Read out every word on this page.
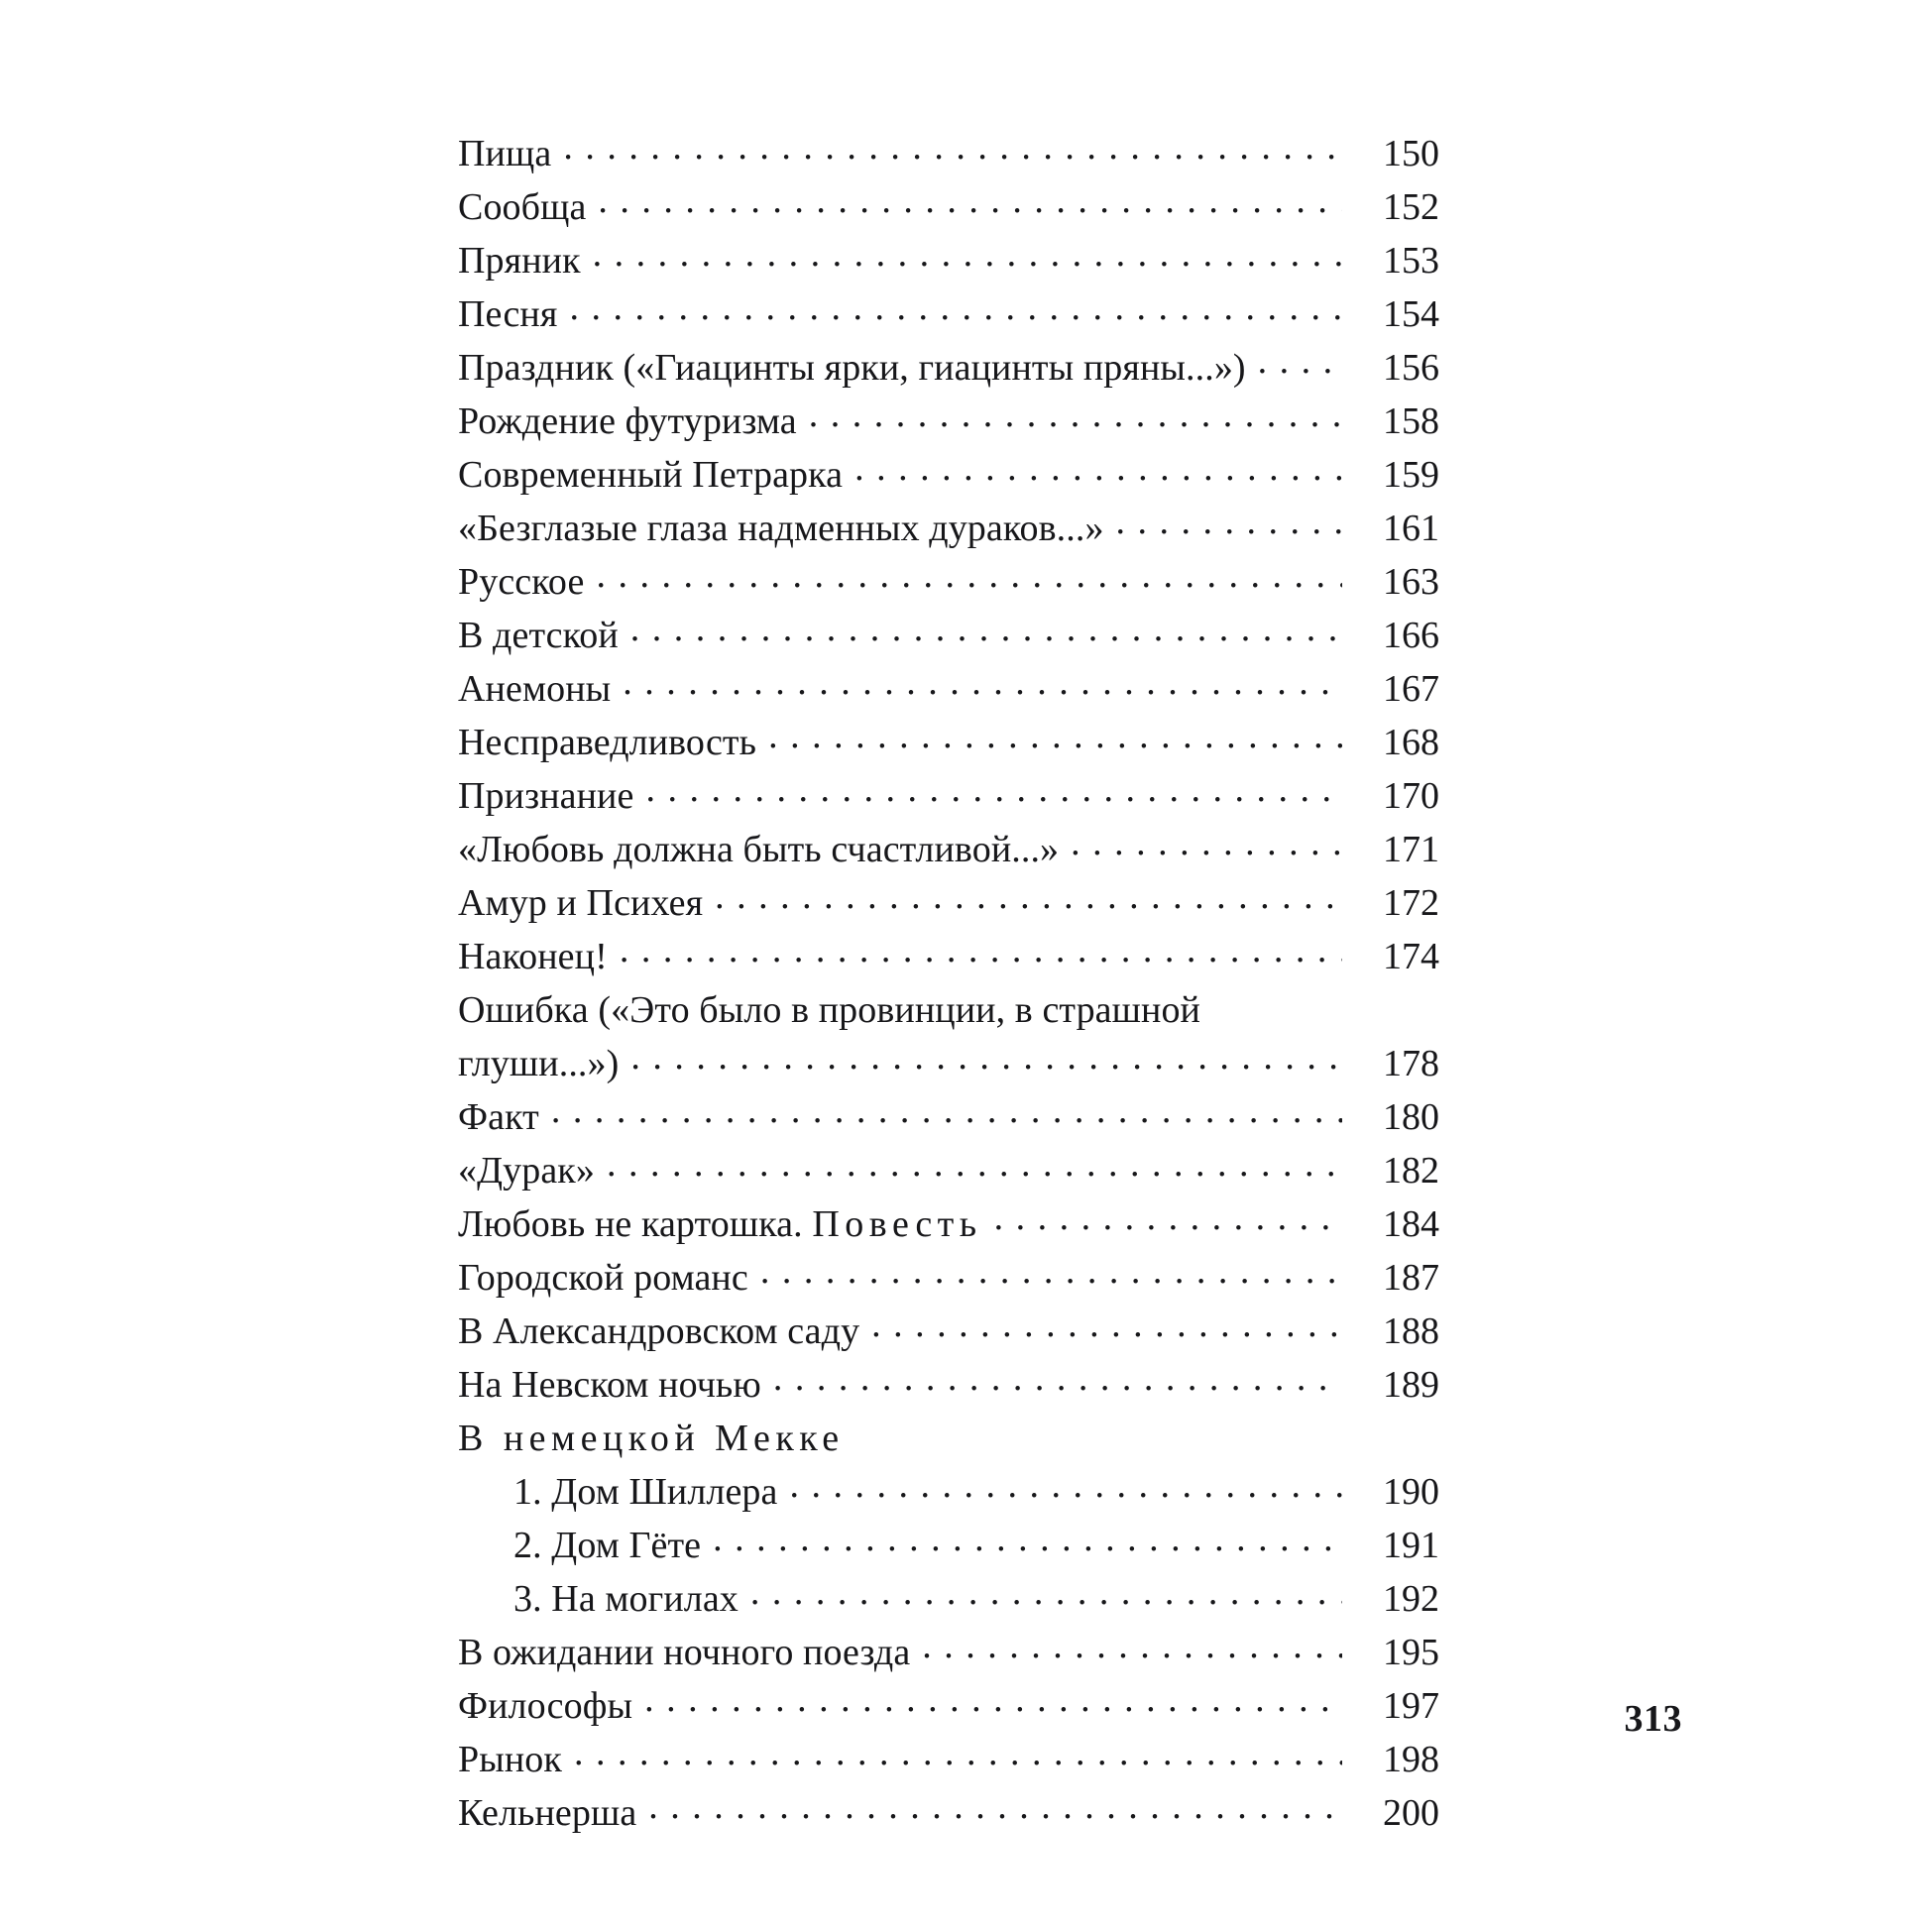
Пища . . .	150
Сообща . . .	152
Пряник . . .	153
Песня . . .	154
Праздник («Гиацинты ярки, гиацинты пряны...») . . .	156
Рождение футуризма . . .	158
Современный Петрарка . . .	159
«Безглазые глаза надменных дураков...» . . .	161
Русское . . .	163
В детской . . .	166
Анемоны . . .	167
Несправедливость . . .	168
Признание . . .	170
«Любовь должна быть счастливой...» . . .	171
Амур и Психея . . .	172
Наконец! . . .	174
Ошибка («Это было в провинции, в страшной
глуши...») . . .	178
Факт . . .	180
«Дурак» . . .	182
Любовь не картошка. Повесть . . .	184
Городской романс . . .	187
В Александровском саду . . .	188
На Невском ночью . . .	189
В немецкой Мекке
1. Дом Шиллера . . .	190
2. Дом Гёте . . .	191
3. На могилах . . .	192
В ожидании ночного поезда . . .	195
Философы . . .	197
Рынок . . .	198
Кельнерша . . .	200
313
